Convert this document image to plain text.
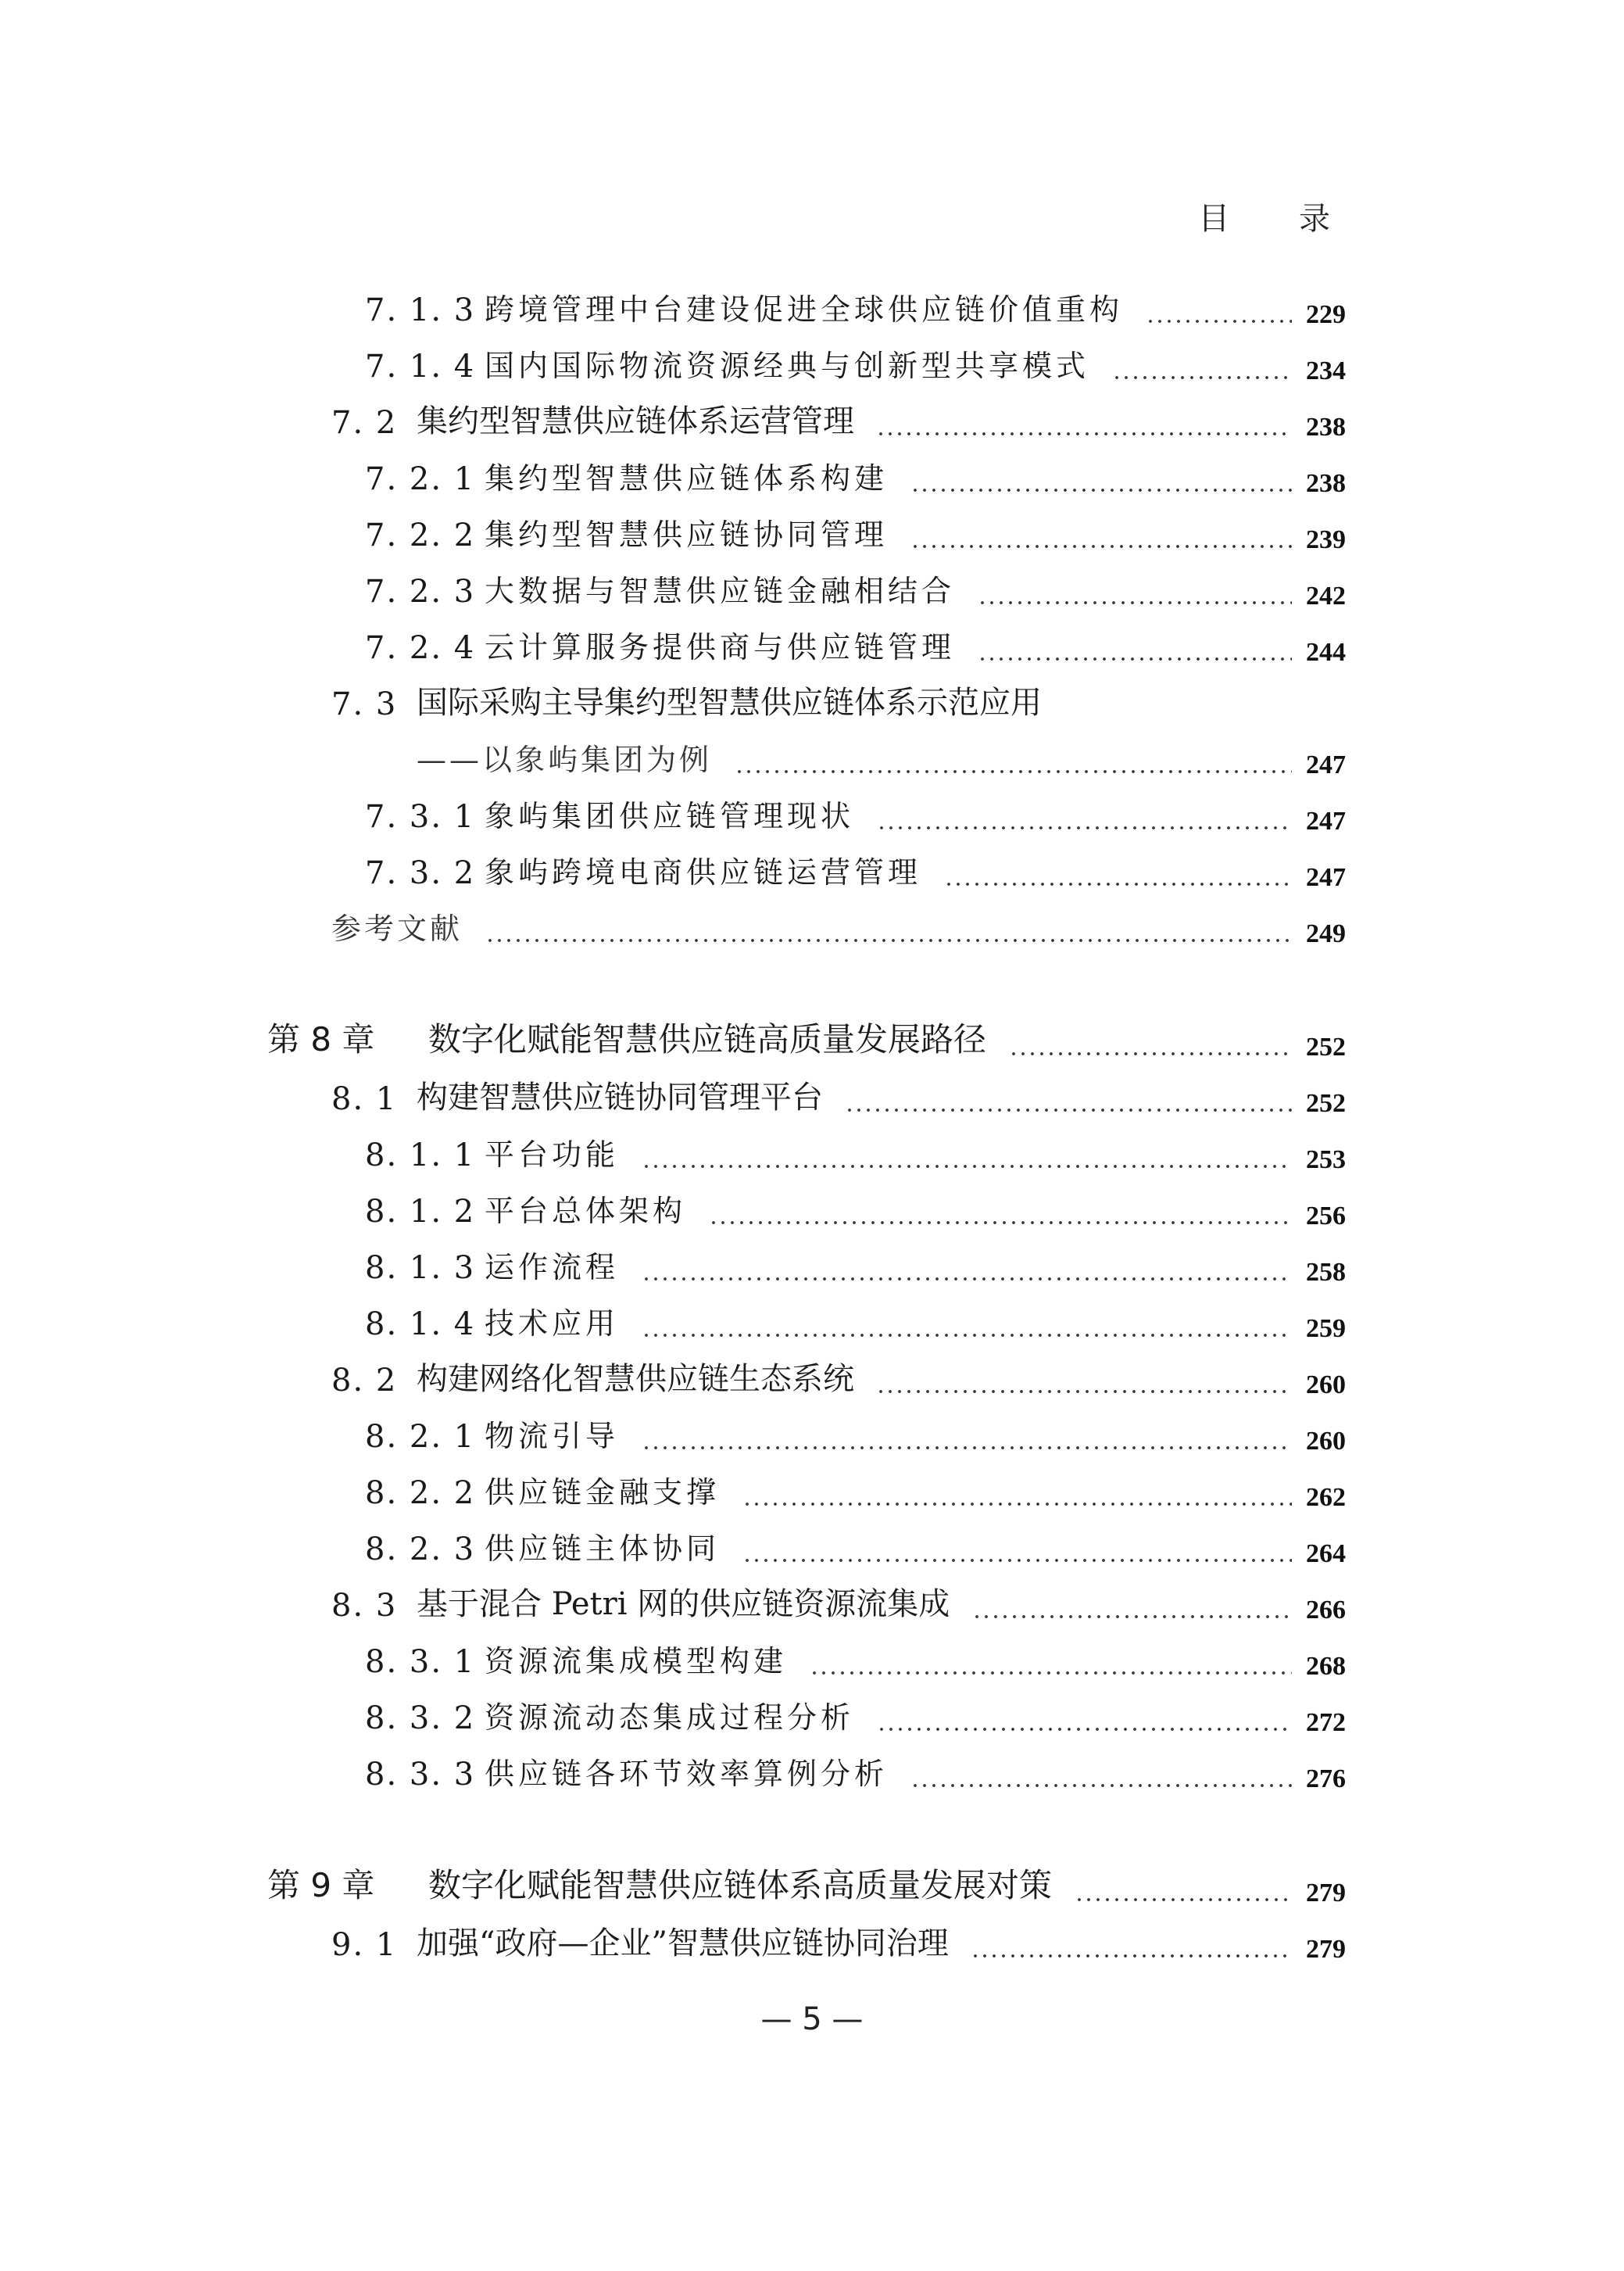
目 录
7. 1. 3 跨境管理中台建设促进全球供应链价值重构	229
7. 1. 4 国内国际物流资源经典与创新型共享模式	234
7. 2 集约型智慧供应链体系运营管理	238
7. 2. 1 集约型智慧供应链体系构建	238
7. 2. 2 集约型智慧供应链协同管理	239
7. 2. 3 大数据与智慧供应链金融相结合	242
7. 2. 4 云计算服务提供商与供应链管理	244
7. 3 国际采购主导集约型智慧供应链体系示范应用
——以象屿集团为例	247
7. 3. 1 象屿集团供应链管理现状	247
7. 3. 2 象屿跨境电商供应链运营管理	247
参考文献	249
第 8 章 数字化赋能智慧供应链高质量发展路径	252
8. 1 构建智慧供应链协同管理平台	252
8. 1. 1 平台功能	253
8. 1. 2 平台总体架构	256
8. 1. 3 运作流程	258
8. 1. 4 技术应用	259
8. 2 构建网络化智慧供应链生态系统	260
8. 2. 1 物流引导	260
8. 2. 2 供应链金融支撑	262
8. 2. 3 供应链主体协同	264
8. 3 基于混合 Petri 网的供应链资源流集成	266
8. 3. 1 资源流集成模型构建	268
8. 3. 2 资源流动态集成过程分析	272
8. 3. 3 供应链各环节效率算例分析	276
第 9 章 数字化赋能智慧供应链体系高质量发展对策	279
9. 1 加强“政府—企业”智慧供应链协同治理	279
— 5 —
